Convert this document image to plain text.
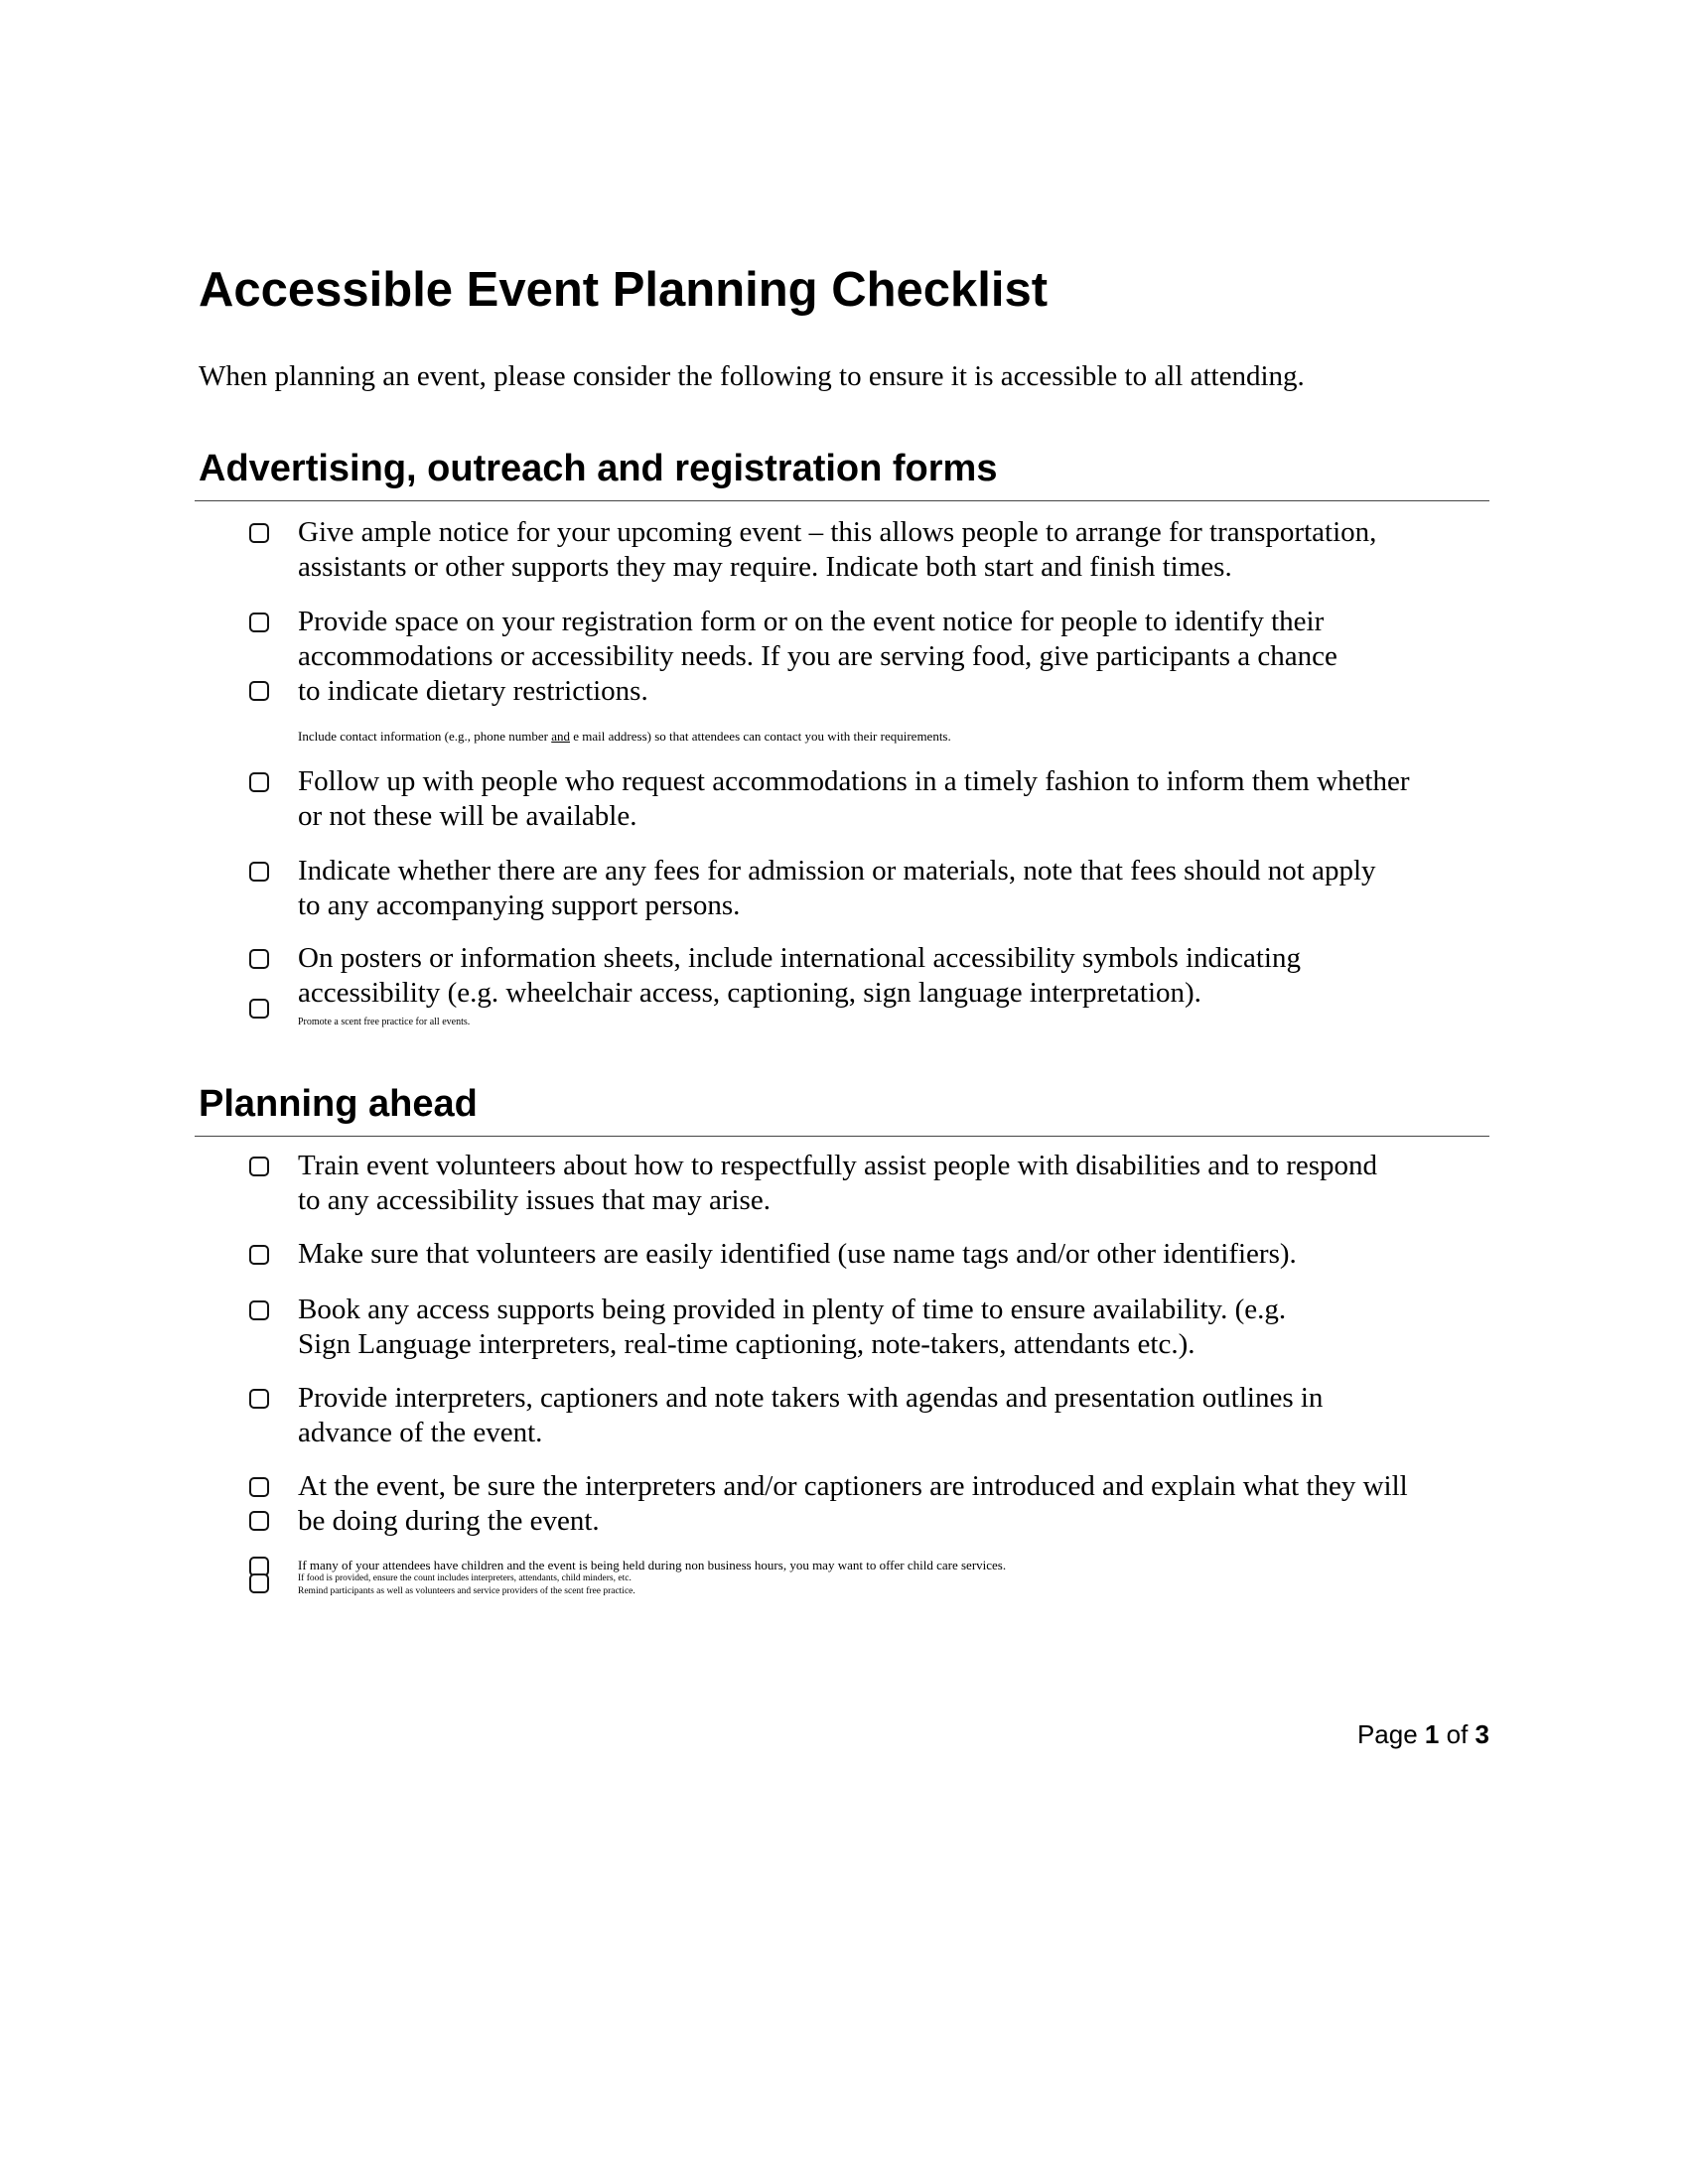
Accessible Event Planning Checklist

When planning an event, please consider the following to ensure it is accessible to all attending.

Advertising, outreach and registration forms

Give ample notice for your upcoming event – this allows people to arrange for transportation,
assistants or other supports they may require. Indicate both start and finish times.

Provide space on your registration form or on the event notice for people to identify their
accommodations or accessibility needs. If you are serving food, give participants a chance
to indicate dietary restrictions.

Include contact information (e.g., phone number and e mail address) so that attendees can contact you with their requirements.

Follow up with people who request accommodations in a timely fashion to inform them whether
or not these will be available.

Indicate whether there are any fees for admission or materials, note that fees should not apply
to any accompanying support persons.

On posters or information sheets, include international accessibility symbols indicating
accessibility (e.g. wheelchair access, captioning, sign language interpretation).

Promote a scent free practice for all events.

Planning ahead

Train event volunteers about how to respectfully assist people with disabilities and to respond
to any accessibility issues that may arise.

Make sure that volunteers are easily identified (use name tags and/or other identifiers).

Book any access supports being provided in plenty of time to ensure availability. (e.g.
Sign Language interpreters, real-time captioning, note-takers, attendants etc.).

Provide interpreters, captioners and note takers with agendas and presentation outlines in
advance of the event.

At the event, be sure the interpreters and/or captioners are introduced and explain what they will
be doing during the event.

If many of your attendees have children and the event is being held during non business hours, you may want to offer child care services.

If food is provided, ensure the count includes interpreters, attendants, child minders, etc.

Remind participants as well as volunteers and service providers of the scent free practice.

Page 1 of 3
